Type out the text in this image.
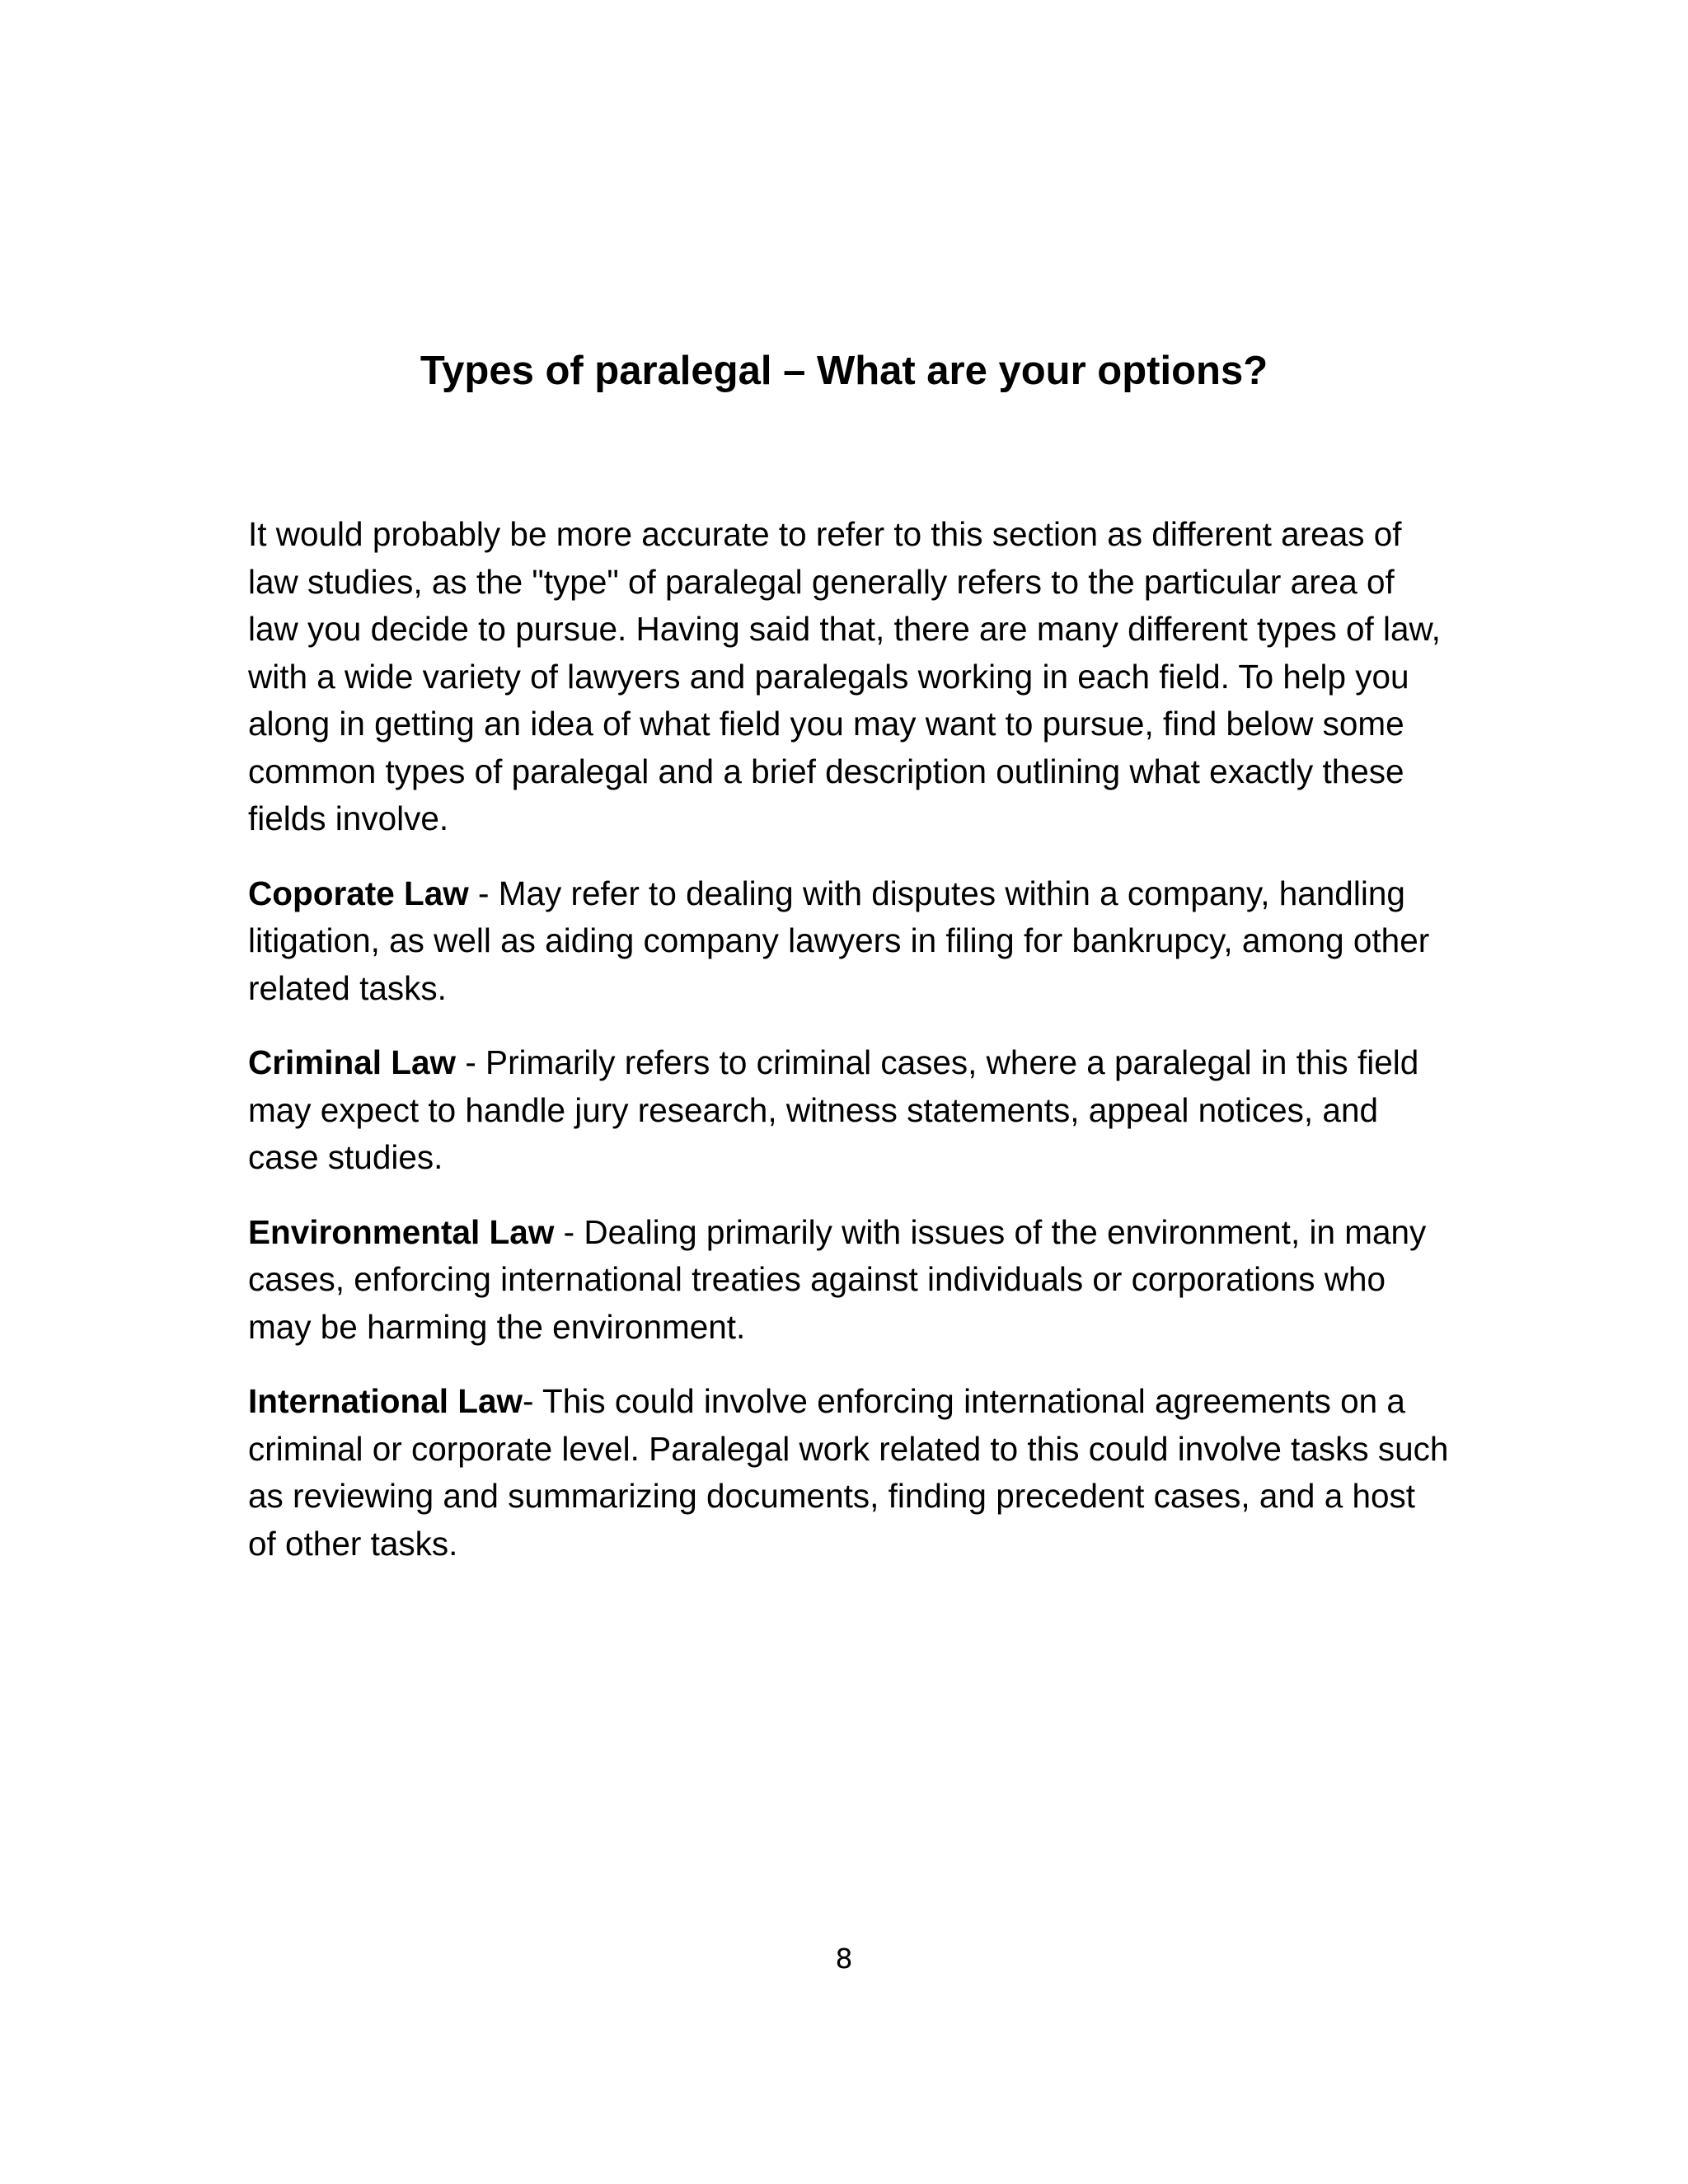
Types of paralegal – What are your options?

It would probably be more accurate to refer to this section as different areas of law studies, as the "type" of paralegal generally refers to the particular area of law you decide to pursue. Having said that, there are many different types of law, with a wide variety of lawyers and paralegals working in each field. To help you along in getting an idea of what field you may want to pursue, find below some common types of paralegal and a brief description outlining what exactly these fields involve.

Coporate Law - May refer to dealing with disputes within a company, handling litigation, as well as aiding company lawyers in filing for bankrupcy, among other related tasks.

Criminal Law - Primarily refers to criminal cases, where a paralegal in this field may expect to handle jury research, witness statements, appeal notices, and case studies.

Environmental Law - Dealing primarily with issues of the environment, in many cases, enforcing international treaties against individuals or corporations who may be harming the environment.

International Law- This could involve enforcing international agreements on a criminal or corporate level. Paralegal work related to this could involve tasks such as reviewing and summarizing documents, finding precedent cases, and a host of other tasks.

8
